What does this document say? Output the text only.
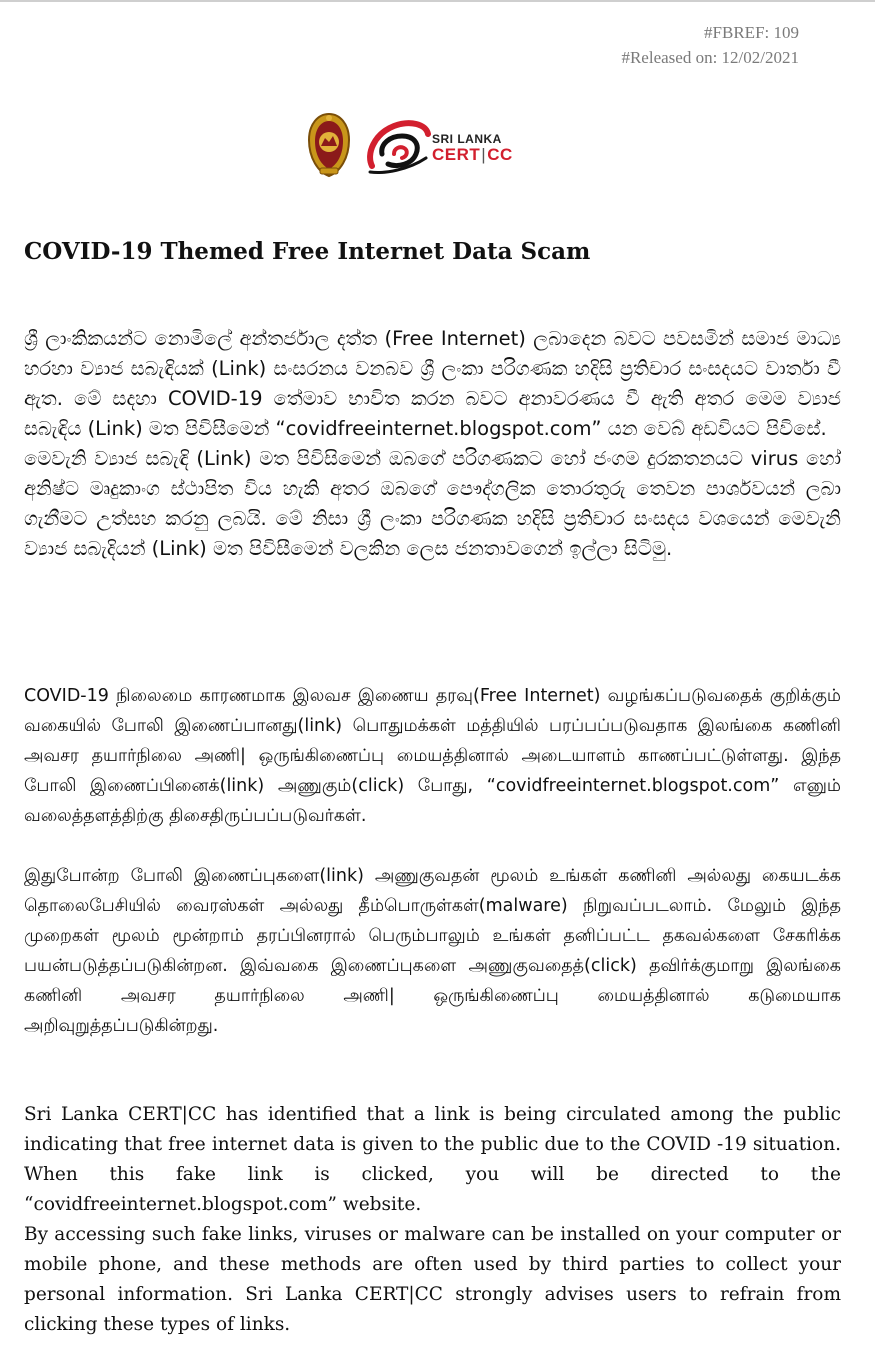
#FBREF: 109
#Released on: 12/02/2021
SRI LANKA
CERT|CC
COVID-19 Themed Free Internet Data Scam

ශ්‍රී ලාංකිකයන්ට නොමිලේ අන්තර්ජාල දත්ත (Free Internet) ලබාදෙන බවට පවසමින් සමාජ මාධ්‍ය හරහා ව්‍යාජ සබැඳියක් (Link) සංසරනය වනබව ශ්‍රී ලංකා පරිගණක හදිසි ප්‍රතිචාර සංසදයට වාර්තා වී ඇත. මේ සදහා COVID-19 තේමාව භාවිත කරන බවට අනාවරණය වී ඇති අතර මෙම ව්‍යාජ සබැඳිය (Link) මත පිවිසීමෙන් “covidfreeinternet.blogspot.com” යන වෙබ් අඩවියට පිවිසේ.

මෙවැනි ව්‍යාජ සබැඳි (Link) මත පිවිසිමෙන් ඔබගේ පරිගණකට හෝ ජංගම දුරකතනයට virus හෝ අනිෂ්ට මෘදුකාංග ස්ථාපිත විය හැකි අතර ඔබගේ පෞද්ගලික තොරතුරු තෙවන පාර්ශවයන් ලබා ගැනීමට උත්සහ කරනු ලබයි. මේ නිසා ශ්‍රී ලංකා පරිගණක හදිසි ප්‍රතිචාර සංසදය වශයෙන් මෙවැනි ව්‍යාජ සබැදියන් (Link) මත පිවිසීමෙන් වලකින ලෙස ජනතාවගෙන් ඉල්ලා සිටිමු.

COVID-19 நிலைமை காரணமாக இலவச இணைய தரவு(Free Internet) வழங்கப்படுவதைக் குறிக்கும் வகையில் போலி இணைப்பானது(link) பொதுமக்கள் மத்தியில் பரப்பப்படுவதாக இலங்கை கணினி அவசர தயார்நிலை அணி| ஒருங்கிணைப்பு மையத்தினால் அடையாளம் காணப்பட்டுள்ளது. இந்த போலி இணைப்பினைக்(link) அணுகும்(click) போது, “covidfreeinternet.blogspot.com” எனும் வலைத்தளத்திற்கு திசைதிருப்பப்படுவர்கள்.

இதுபோன்ற போலி இணைப்புகளை(link) அணுகுவதன் மூலம் உங்கள் கணினி அல்லது கையடக்க தொலைபேசியில் வைரஸ்கள் அல்லது தீம்பொருள்கள்(malware) நிறுவப்படலாம். மேலும் இந்த முறைகள் மூலம் மூன்றாம் தரப்பினரால் பெரும்பாலும் உங்கள் தனிப்பட்ட தகவல்களை சேகரிக்க பயன்படுத்தப்படுகின்றன. இவ்வகை இணைப்புகளை அணுகுவதைத்(click) தவிர்க்குமாறு இலங்கை கணினி அவசர தயார்நிலை அணி| ஒருங்கிணைப்பு மையத்தினால் கடுமையாக அறிவுறுத்தப்படுகின்றது.

Sri Lanka CERT|CC has identified that a link is being circulated among the public indicating that free internet data is given to the public due to the COVID -19 situation. When this fake link is clicked, you will be directed to the “covidfreeinternet.blogspot.com” website.

By accessing such fake links, viruses or malware can be installed on your computer or mobile phone, and these methods are often used by third parties to collect your personal information. Sri Lanka CERT|CC strongly advises users to refrain from clicking these types of links.
